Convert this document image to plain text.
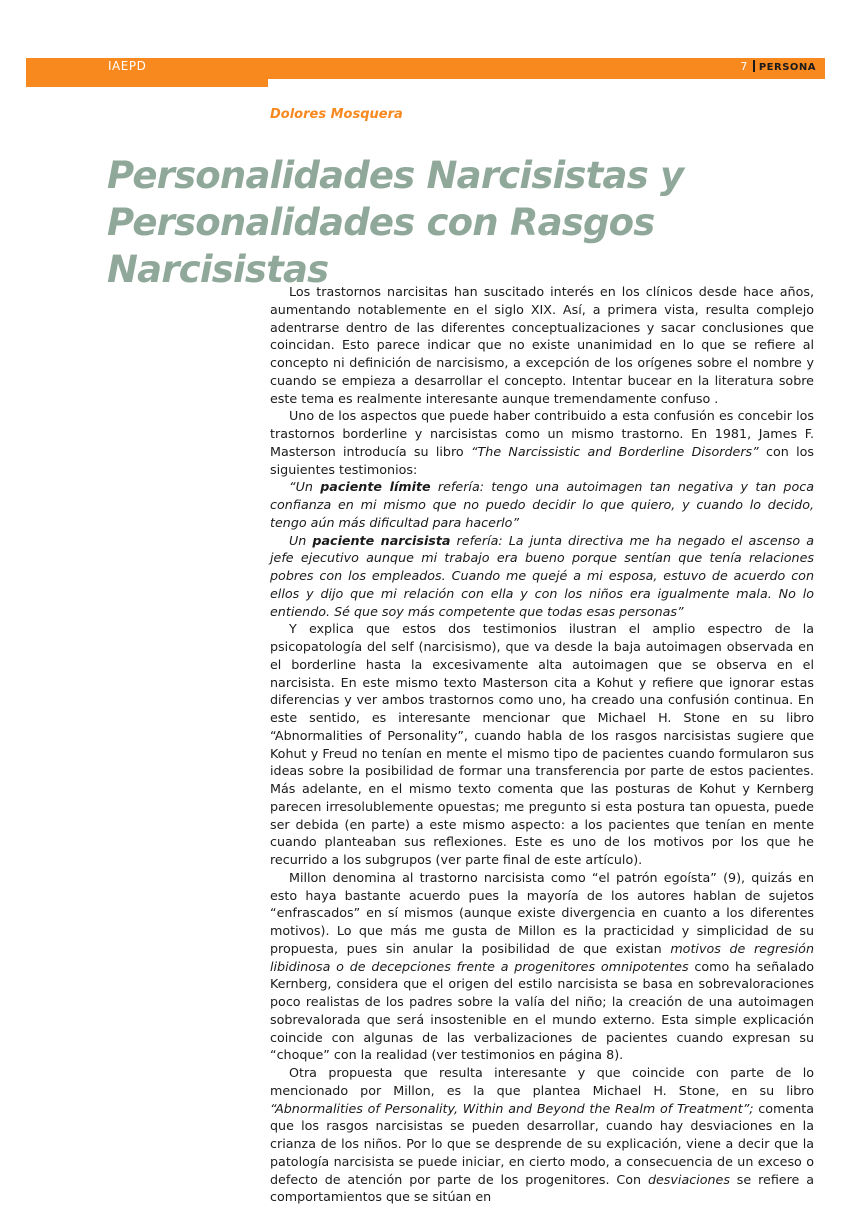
IAEPD	7 PERSONA
Dolores Mosquera
Personalidades Narcisistas y
Personalidades con Rasgos Narcisistas

Los trastornos narcisitas han suscitado interés en los clínicos desde hace años, aumentando notablemente en el siglo XIX. Así, a primera vista, resulta complejo adentrarse dentro de las diferentes conceptualizaciones y sacar conclusiones que coincidan. Esto parece indicar que no existe unanimidad en lo que se refiere al concepto ni definición de narcisismo, a excepción de los orígenes sobre el nombre y cuando se empieza a desarrollar el concepto. Intentar bucear en la literatura sobre este tema es realmente interesante aunque tremendamente confuso .

Uno de los aspectos que puede haber contribuido a esta confusión es concebir los trastornos borderline y narcisistas como un mismo trastorno. En 1981, James F. Masterson introducía su libro “The Narcissistic and Borderline Disorders” con los siguientes testimonios:

“Un paciente límite refería: tengo una autoimagen tan negativa y tan poca confianza en mi mismo que no puedo decidir lo que quiero, y cuando lo decido, tengo aún más dificultad para hacerlo”

Un paciente narcisista refería: La junta directiva me ha negado el ascenso a jefe ejecutivo aunque mi trabajo era bueno porque sentían que tenía relaciones pobres con los empleados. Cuando me quejé a mi esposa, estuvo de acuerdo con ellos y dijo que mi relación con ella y con los niños era igualmente mala. No lo entiendo. Sé que soy más competente que todas esas personas”

Y explica que estos dos testimonios ilustran el amplio espectro de la psicopatología del self (narcisismo), que va desde la baja autoimagen observada en el borderline hasta la excesivamente alta autoimagen que se observa en el narcisista. En este mismo texto Masterson cita a Kohut y refiere que ignorar estas diferencias y ver ambos trastornos como uno, ha creado una confusión continua. En este sentido, es interesante mencionar que Michael H. Stone en su libro “Abnormalities of Personality”, cuando habla de los rasgos narcisistas sugiere que Kohut y Freud no tenían en mente el mismo tipo de pacientes cuando formularon sus ideas sobre la posibilidad de formar una transferencia por parte de estos pacientes. Más adelante, en el mismo texto comenta que las posturas de Kohut y Kernberg parecen irresolublemente opuestas; me pregunto si esta postura tan opuesta, puede ser debida (en parte) a este mismo aspecto: a los pacientes que tenían en mente cuando planteaban sus reflexiones. Este es uno de los motivos por los que he recurrido a los subgrupos (ver parte final de este artículo).

Millon denomina al trastorno narcisista como “el patrón egoísta” (9), quizás en esto haya bastante acuerdo pues la mayoría de los autores hablan de sujetos “enfrascados” en sí mismos (aunque existe divergencia en cuanto a los diferentes motivos). Lo que más me gusta de Millon es la practicidad y simplicidad de su propuesta, pues sin anular la posibilidad de que existan motivos de regresión libidinosa o de decepciones frente a progenitores omnipotentes como ha señalado Kernberg, considera que el origen del estilo narcisista se basa en sobrevaloraciones poco realistas de los padres sobre la valía del niño; la creación de una autoimagen sobrevalorada que será insostenible en el mundo externo. Esta simple explicación coincide con algunas de las verbalizaciones de pacientes cuando expresan su “choque” con la realidad (ver testimonios en página 8).

Otra propuesta que resulta interesante y que coincide con parte de lo mencionado por Millon, es la que plantea Michael H. Stone, en su libro “Abnormalities of Personality, Within and Beyond the Realm of Treatment”; comenta que los rasgos narcisistas se pueden desarrollar, cuando hay desviaciones en la crianza de los niños. Por lo que se desprende de su explicación, viene a decir que la patología narcisista se puede iniciar, en cierto modo, a consecuencia de un exceso o defecto de atención por parte de los progenitores. Con desviaciones se refiere a comportamientos que se sitúan en
